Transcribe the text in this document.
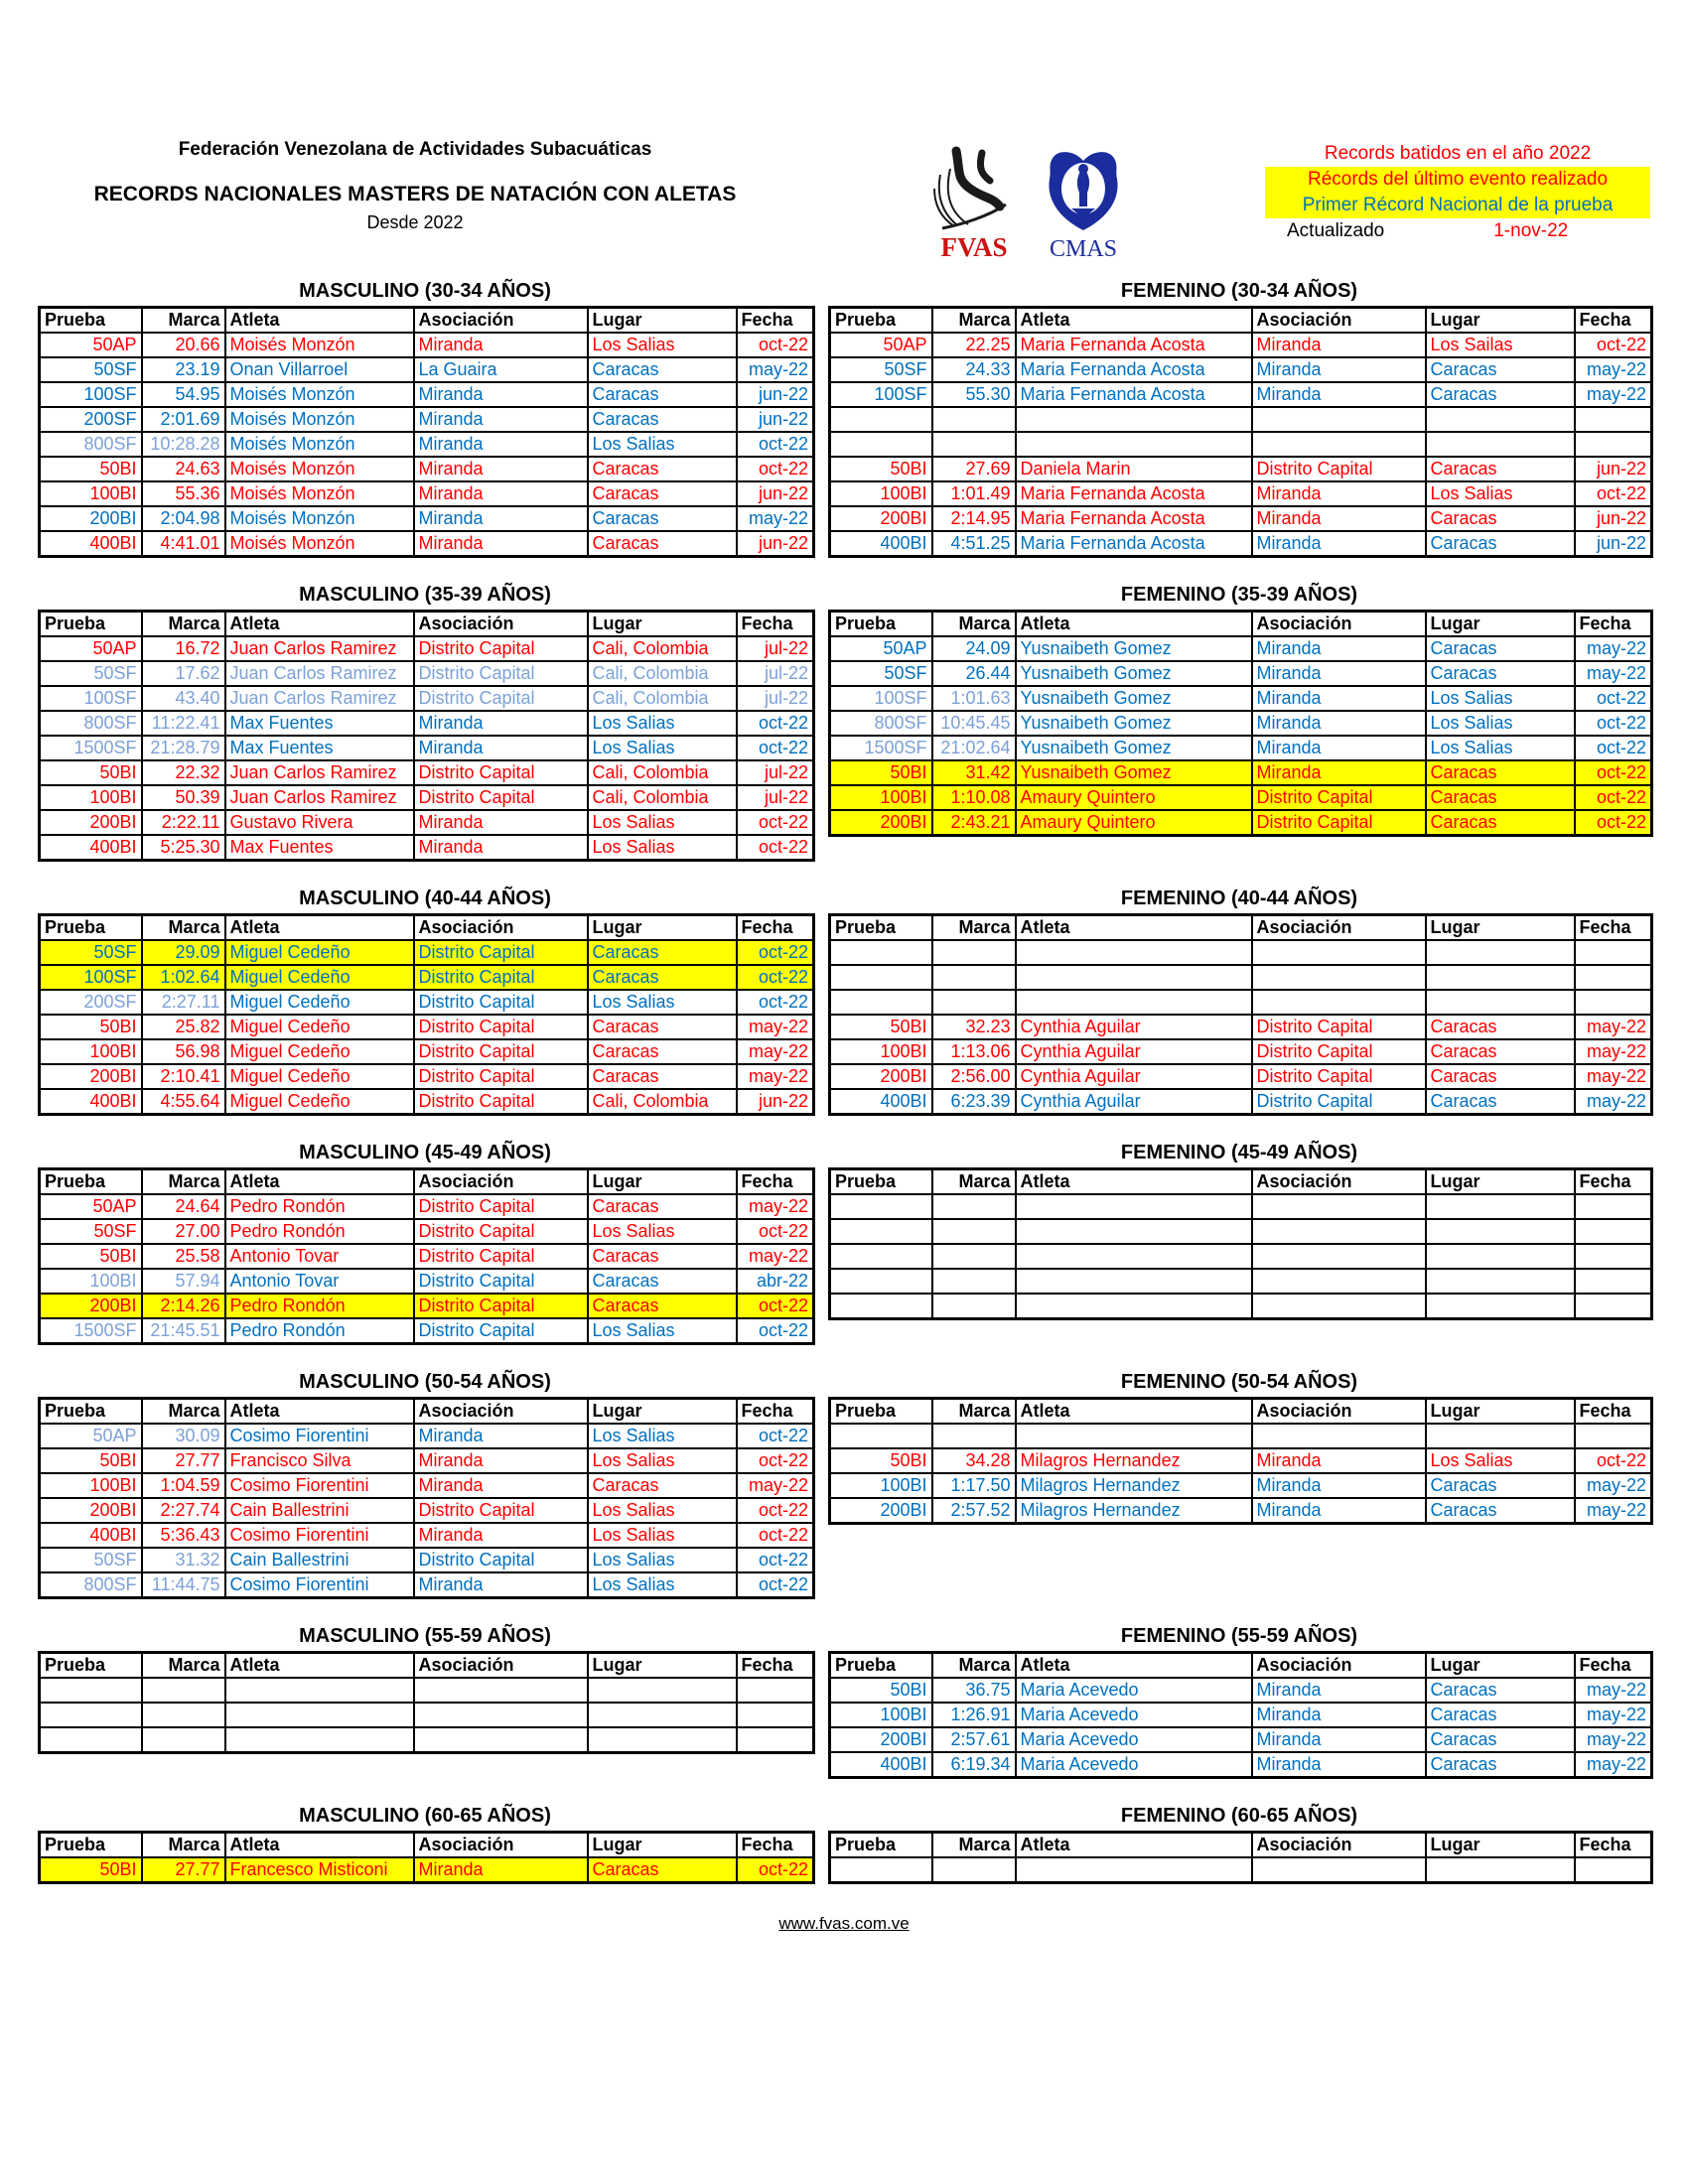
Federación Venezolana de Actividades Subacuáticas
RECORDS NACIONALES MASTERS DE NATACIÓN CON ALETAS
Desde 2022
FVAS CMAS
Records batidos en el año 2022
Récords del último evento realizado
Primer Récord Nacional de la prueba
Actualizado	1-nov-22
MASCULINO (30-34 AÑOS)
Prueba	Marca	Atleta	Asociación	Lugar	Fecha
50AP	20.66	Moisés Monzón	Miranda	Los Salias	oct-22
50SF	23.19	Onan Villarroel	La Guaira	Caracas	may-22
100SF	54.95	Moisés Monzón	Miranda	Caracas	jun-22
200SF	2:01.69	Moisés Monzón	Miranda	Caracas	jun-22
800SF	10:28.28	Moisés Monzón	Miranda	Los Salias	oct-22
50BI	24.63	Moisés Monzón	Miranda	Caracas	oct-22
100BI	55.36	Moisés Monzón	Miranda	Caracas	jun-22
200BI	2:04.98	Moisés Monzón	Miranda	Caracas	may-22
400BI	4:41.01	Moisés Monzón	Miranda	Caracas	jun-22
FEMENINO (30-34 AÑOS)
Prueba	Marca	Atleta	Asociación	Lugar	Fecha
50AP	22.25	Maria Fernanda Acosta	Miranda	Los Sailas	oct-22
50SF	24.33	Maria Fernanda Acosta	Miranda	Caracas	may-22
100SF	55.30	Maria Fernanda Acosta	Miranda	Caracas	may-22

50BI	27.69	Daniela Marin	Distrito Capital	Caracas	jun-22
100BI	1:01.49	Maria Fernanda Acosta	Miranda	Los Salias	oct-22
200BI	2:14.95	Maria Fernanda Acosta	Miranda	Caracas	jun-22
400BI	4:51.25	Maria Fernanda Acosta	Miranda	Caracas	jun-22
MASCULINO (35-39 AÑOS)
Prueba	Marca	Atleta	Asociación	Lugar	Fecha
50AP	16.72	Juan Carlos Ramirez	Distrito Capital	Cali, Colombia	jul-22
50SF	17.62	Juan Carlos Ramirez	Distrito Capital	Cali, Colombia	jul-22
100SF	43.40	Juan Carlos Ramirez	Distrito Capital	Cali, Colombia	jul-22
800SF	11:22.41	Max Fuentes	Miranda	Los Salias	oct-22
1500SF	21:28.79	Max Fuentes	Miranda	Los Salias	oct-22
50BI	22.32	Juan Carlos Ramirez	Distrito Capital	Cali, Colombia	jul-22
100BI	50.39	Juan Carlos Ramirez	Distrito Capital	Cali, Colombia	jul-22
200BI	2:22.11	Gustavo Rivera	Miranda	Los Salias	oct-22
400BI	5:25.30	Max Fuentes	Miranda	Los Salias	oct-22
FEMENINO (35-39 AÑOS)
Prueba	Marca	Atleta	Asociación	Lugar	Fecha
50AP	24.09	Yusnaibeth Gomez	Miranda	Caracas	may-22
50SF	26.44	Yusnaibeth Gomez	Miranda	Caracas	may-22
100SF	1:01.63	Yusnaibeth Gomez	Miranda	Los Salias	oct-22
800SF	10:45.45	Yusnaibeth Gomez	Miranda	Los Salias	oct-22
1500SF	21:02.64	Yusnaibeth Gomez	Miranda	Los Salias	oct-22
50BI	31.42	Yusnaibeth Gomez	Miranda	Caracas	oct-22
100BI	1:10.08	Amaury Quintero	Distrito Capital	Caracas	oct-22
200BI	2:43.21	Amaury Quintero	Distrito Capital	Caracas	oct-22
MASCULINO (40-44 AÑOS)
Prueba	Marca	Atleta	Asociación	Lugar	Fecha
50SF	29.09	Miguel Cedeño	Distrito Capital	Caracas	oct-22
100SF	1:02.64	Miguel Cedeño	Distrito Capital	Caracas	oct-22
200SF	2:27.11	Miguel Cedeño	Distrito Capital	Los Salias	oct-22
50BI	25.82	Miguel Cedeño	Distrito Capital	Caracas	may-22
100BI	56.98	Miguel Cedeño	Distrito Capital	Caracas	may-22
200BI	2:10.41	Miguel Cedeño	Distrito Capital	Caracas	may-22
400BI	4:55.64	Miguel Cedeño	Distrito Capital	Cali, Colombia	jun-22
FEMENINO (40-44 AÑOS)
Prueba	Marca	Atleta	Asociación	Lugar	Fecha

50BI	32.23	Cynthia Aguilar	Distrito Capital	Caracas	may-22
100BI	1:13.06	Cynthia Aguilar	Distrito Capital	Caracas	may-22
200BI	2:56.00	Cynthia Aguilar	Distrito Capital	Caracas	may-22
400BI	6:23.39	Cynthia Aguilar	Distrito Capital	Caracas	may-22
MASCULINO (45-49 AÑOS)
Prueba	Marca	Atleta	Asociación	Lugar	Fecha
50AP	24.64	Pedro Rondón	Distrito Capital	Caracas	may-22
50SF	27.00	Pedro Rondón	Distrito Capital	Los Salias	oct-22
50BI	25.58	Antonio Tovar	Distrito Capital	Caracas	may-22
100BI	57.94	Antonio Tovar	Distrito Capital	Caracas	abr-22
200BI	2:14.26	Pedro Rondón	Distrito Capital	Caracas	oct-22
1500SF	21:45.51	Pedro Rondón	Distrito Capital	Los Salias	oct-22
FEMENINO (45-49 AÑOS)
Prueba	Marca	Atleta	Asociación	Lugar	Fecha

MASCULINO (50-54 AÑOS)
Prueba	Marca	Atleta	Asociación	Lugar	Fecha
50AP	30.09	Cosimo Fiorentini	Miranda	Los Salias	oct-22
50BI	27.77	Francisco Silva	Miranda	Los Salias	oct-22
100BI	1:04.59	Cosimo Fiorentini	Miranda	Caracas	may-22
200BI	2:27.74	Cain Ballestrini	Distrito Capital	Los Salias	oct-22
400BI	5:36.43	Cosimo Fiorentini	Miranda	Los Salias	oct-22
50SF	31.32	Cain Ballestrini	Distrito Capital	Los Salias	oct-22
800SF	11:44.75	Cosimo Fiorentini	Miranda	Los Salias	oct-22
FEMENINO (50-54 AÑOS)
Prueba	Marca	Atleta	Asociación	Lugar	Fecha

50BI	34.28	Milagros Hernandez	Miranda	Los Salias	oct-22
100BI	1:17.50	Milagros Hernandez	Miranda	Caracas	may-22
200BI	2:57.52	Milagros Hernandez	Miranda	Caracas	may-22
MASCULINO (55-59 AÑOS)
Prueba	Marca	Atleta	Asociación	Lugar	Fecha

FEMENINO (55-59 AÑOS)
Prueba	Marca	Atleta	Asociación	Lugar	Fecha
50BI	36.75	Maria Acevedo	Miranda	Caracas	may-22
100BI	1:26.91	Maria Acevedo	Miranda	Caracas	may-22
200BI	2:57.61	Maria Acevedo	Miranda	Caracas	may-22
400BI	6:19.34	Maria Acevedo	Miranda	Caracas	may-22
MASCULINO (60-65 AÑOS)
Prueba	Marca	Atleta	Asociación	Lugar	Fecha
50BI	27.77	Francesco Misticoni	Miranda	Caracas	oct-22
FEMENINO (60-65 AÑOS)
Prueba	Marca	Atleta	Asociación	Lugar	Fecha

www.fvas.com.ve
